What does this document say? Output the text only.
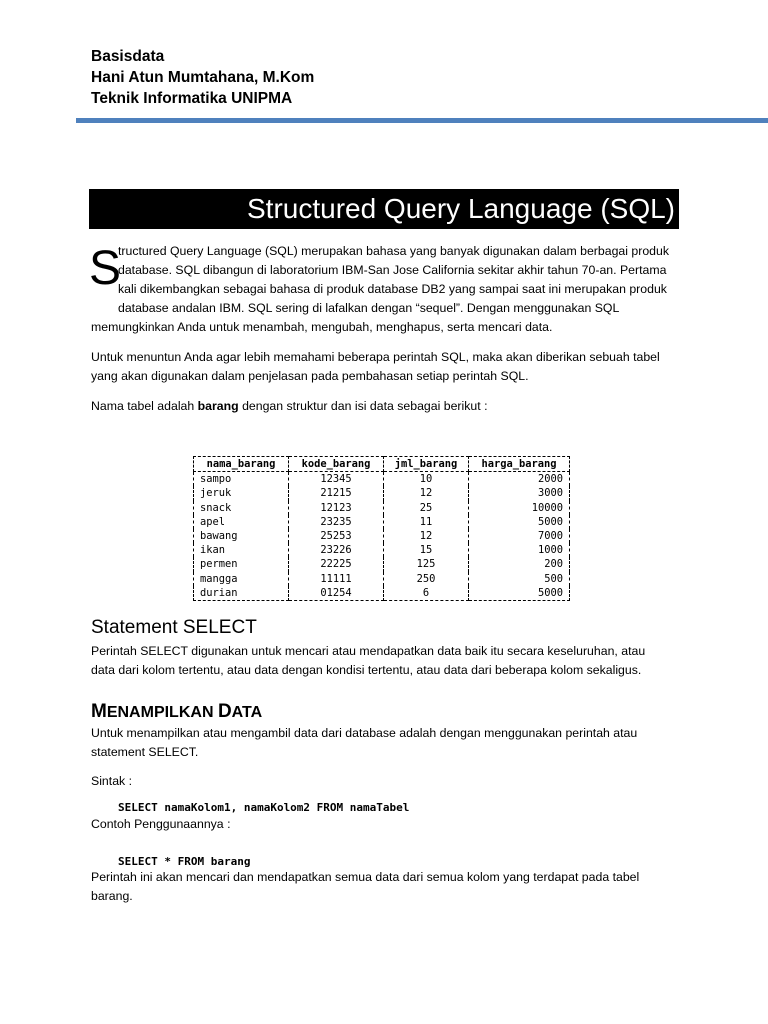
Basisdata
Hani Atun Mumtahana, M.Kom
Teknik Informatika UNIPMA
Structured Query Language (SQL)
S
tructured Query Language (SQL) merupakan bahasa yang banyak digunakan dalam berbagai produk
database. SQL dibangun di laboratorium IBM-San Jose California sekitar akhir tahun 70-an. Pertama
kali dikembangkan sebagai bahasa di produk database DB2 yang sampai saat ini merupakan produk
database andalan IBM. SQL sering di lafalkan dengan “sequel”. Dengan menggunakan SQL
memungkinkan Anda untuk menambah, mengubah, menghapus, serta mencari data.
Untuk menuntun Anda agar lebih memahami beberapa perintah SQL, maka akan diberikan sebuah tabel
yang akan digunakan dalam penjelasan pada pembahasan setiap perintah SQL.
Nama tabel adalah barang dengan struktur dan isi data sebagai berikut :
nama_barang	kode_barang	jml_barang	harga_barang
sampo	12345	10	2000
jeruk	21215	12	3000
snack	12123	25	10000
apel	23235	11	5000
bawang	25253	12	7000
ikan	23226	15	1000
permen	22225	125	200
mangga	11111	250	500
durian	01254	6	5000
Statement SELECT
Perintah SELECT digunakan untuk mencari atau mendapatkan data baik itu secara keseluruhan, atau
data dari kolom tertentu, atau data dengan kondisi tertentu, atau data dari beberapa kolom sekaligus.
MENAMPILKAN DATA
Untuk menampilkan atau mengambil data dari database adalah dengan menggunakan perintah atau
statement SELECT.
Sintak :
SELECT namaKolom1, namaKolom2 FROM namaTabel
Contoh Penggunaannya :
SELECT * FROM barang
Perintah ini akan mencari dan mendapatkan semua data dari semua kolom yang terdapat pada tabel
barang.
